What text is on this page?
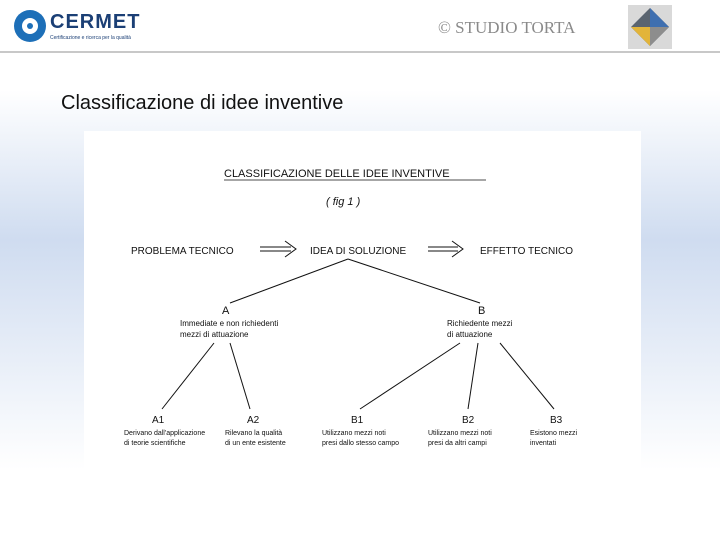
CERMET
Certificazione e ricerca per la qualità
© STUDIO TORTA
Classificazione di idee inventive
CLASSIFICAZIONE DELLE IDEE INVENTIVE
( fig 1 )
PROBLEMA TECNICO	IDEA DI SOLUZIONE	EFFETTO TECNICO
A
Immediate e non richiedenti
mezzi di attuazione
B
Richiedente mezzi
di attuazione
A1
Derivano dall'applicazione
di teorie scientifiche
A2
Rilevano la qualità
di un ente esistente
B1
Utilizzano mezzi noti
presi dallo stesso campo
B2
Utilizzano mezzi noti
presi da altri campi
B3
Esistono mezzi
inventati
